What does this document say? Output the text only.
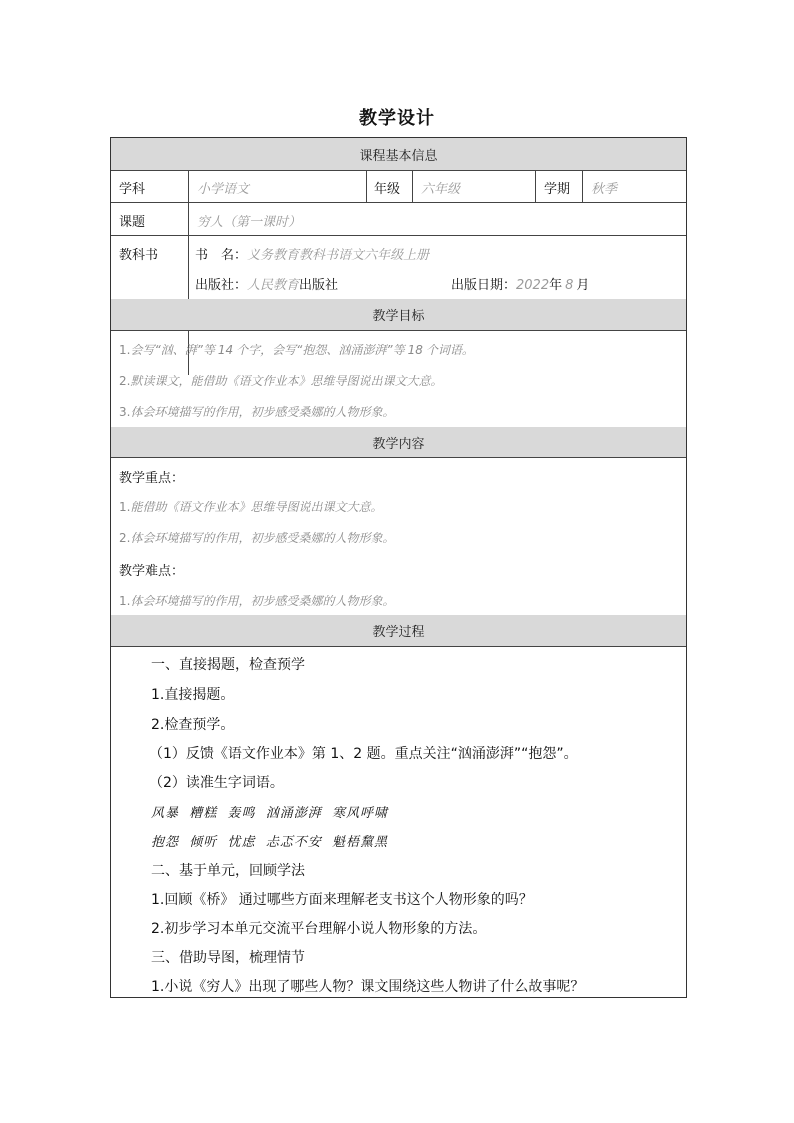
教学设计
课程基本信息
学科	小学语文	年级 六年级	学期 秋季
课题	穷人（第一课时）
教科书	书　名：义务教育教科书语文六年级上册
出版社：人民教育出版社	出版日期：2022年 8 月
教学目标
1.会写“汹、湃”等 14 个字，会写“抱怨、汹涌澎湃”等 18 个词语。
2.默读课文，能借助《语文作业本》思维导图说出课文大意。
3.体会环境描写的作用，初步感受桑娜的人物形象。
教学内容
教学重点：
1.能借助《语文作业本》思维导图说出课文大意。
2.体会环境描写的作用，初步感受桑娜的人物形象。
教学难点：
1.体会环境描写的作用，初步感受桑娜的人物形象。
教学过程
一、直接揭题，检查预学
1.直接揭题。
2.检查预学。
（1）反馈《语文作业本》第 1、2 题。重点关注“汹涌澎湃”“抱怨”。
（2）读准生字词语。
风暴  糟糕  轰鸣  汹涌澎湃  寒风呼啸
抱怨  倾听  忧虑  忐忑不安  魁梧黧黑
二、基于单元，回顾学法
1.回顾《桥》 通过哪些方面来理解老支书这个人物形象的吗？
2.初步学习本单元交流平台理解小说人物形象的方法。
三、借助导图，梳理情节
1.小说《穷人》出现了哪些人物？课文围绕这些人物讲了什么故事呢？
